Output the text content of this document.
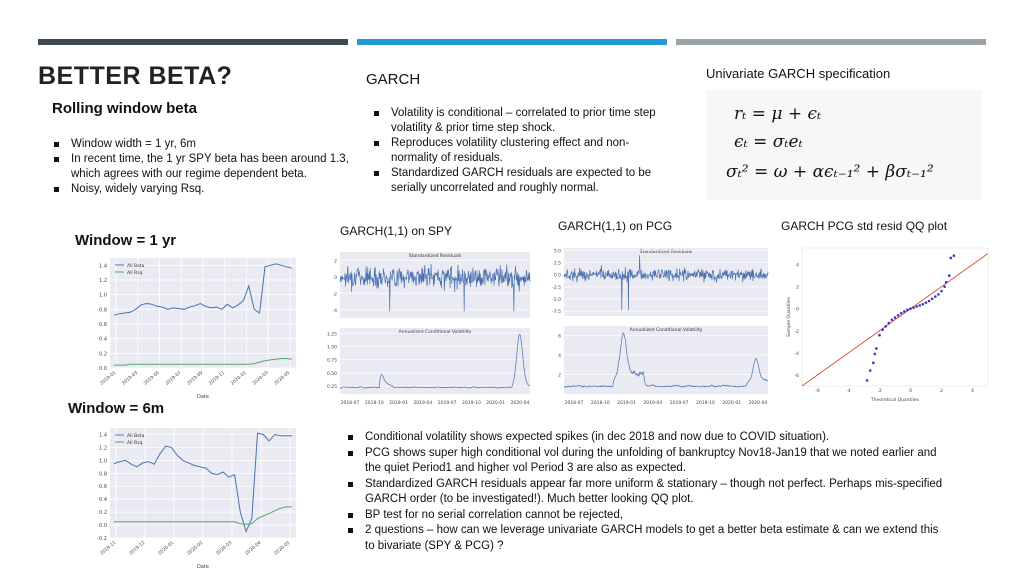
BETTER BETA?
Rolling window beta
Window width = 1 yr, 6m
In recent time, the 1 yr SPY beta has been around 1.3, which agrees with our regime dependent beta.
Noisy, widely varying Rsq.
Window = 1 yr
Window = 6m
GARCH
Volatility is conditional – correlated to prior time step volatility & prior time step shock.
Reproduces volatility clustering effect and non-normality of residuals.
Standardized GARCH residuals are expected to be serially uncorrelated and roughly normal.
Univariate GARCH specification
rₜ = μ + ϵₜ
ϵₜ = σₜeₜ
σₜ² = ω + αϵₜ₋₁² + βσₜ₋₁²
GARCH(1,1) on SPY	GARCH(1,1) on PCG	GARCH PCG std resid QQ plot
1.4
1.2
1.0
0.8
0.6
0.4
0.2
0.0
2019-01 2019-03 2019-05 2019-07 2019-09 2019-11 2020-01 2020-03 2020-05
Date
All Beta
All Rsq
1.4
1.2
1.0
0.8
0.6
0.4
0.2
0.0
-0.2
2019-11	2019-12	2020-01	2020-02	2020-03	2020-04	2020-05
Date
All Beta
All Rsq
Standardized Residuals
2
0
-2
-4
Annualized Conditional Volatility
1.25
1.00
0.75
0.50
0.25
2018-07 2018-10 2019-01 2019-04 2019-07 2019-10 2020-01 2020-04
Standardized Residuals
5.0
2.5
0.0
-2.5
-5.0
-7.5
Annualized Conditional Volatility
6
4
2
2018-07 2018-10 2019-01 2019-04 2019-07 2019-10 2020-01 2020-04
4
2
0
-2
-4
-6
-6	-4	-2	0	2	4
Theoretical Quantiles
Sample Quantiles
Conditional volatility shows expected spikes (in dec 2018 and now due to COVID situation).
PCG shows super high conditional vol during the unfolding of bankruptcy Nov18-Jan19 that we noted earlier and the quiet Period1 and higher vol Period 3 are also as expected.
Standardized GARCH residuals appear far more uniform & stationary – though not perfect. Perhaps mis-specified GARCH order (to be investigated!). Much better looking QQ plot.
BP test for no serial correlation cannot be rejected,
2 questions – how can we leverage univariate GARCH models to get a better beta estimate & can we extend this to bivariate (SPY & PCG) ?
